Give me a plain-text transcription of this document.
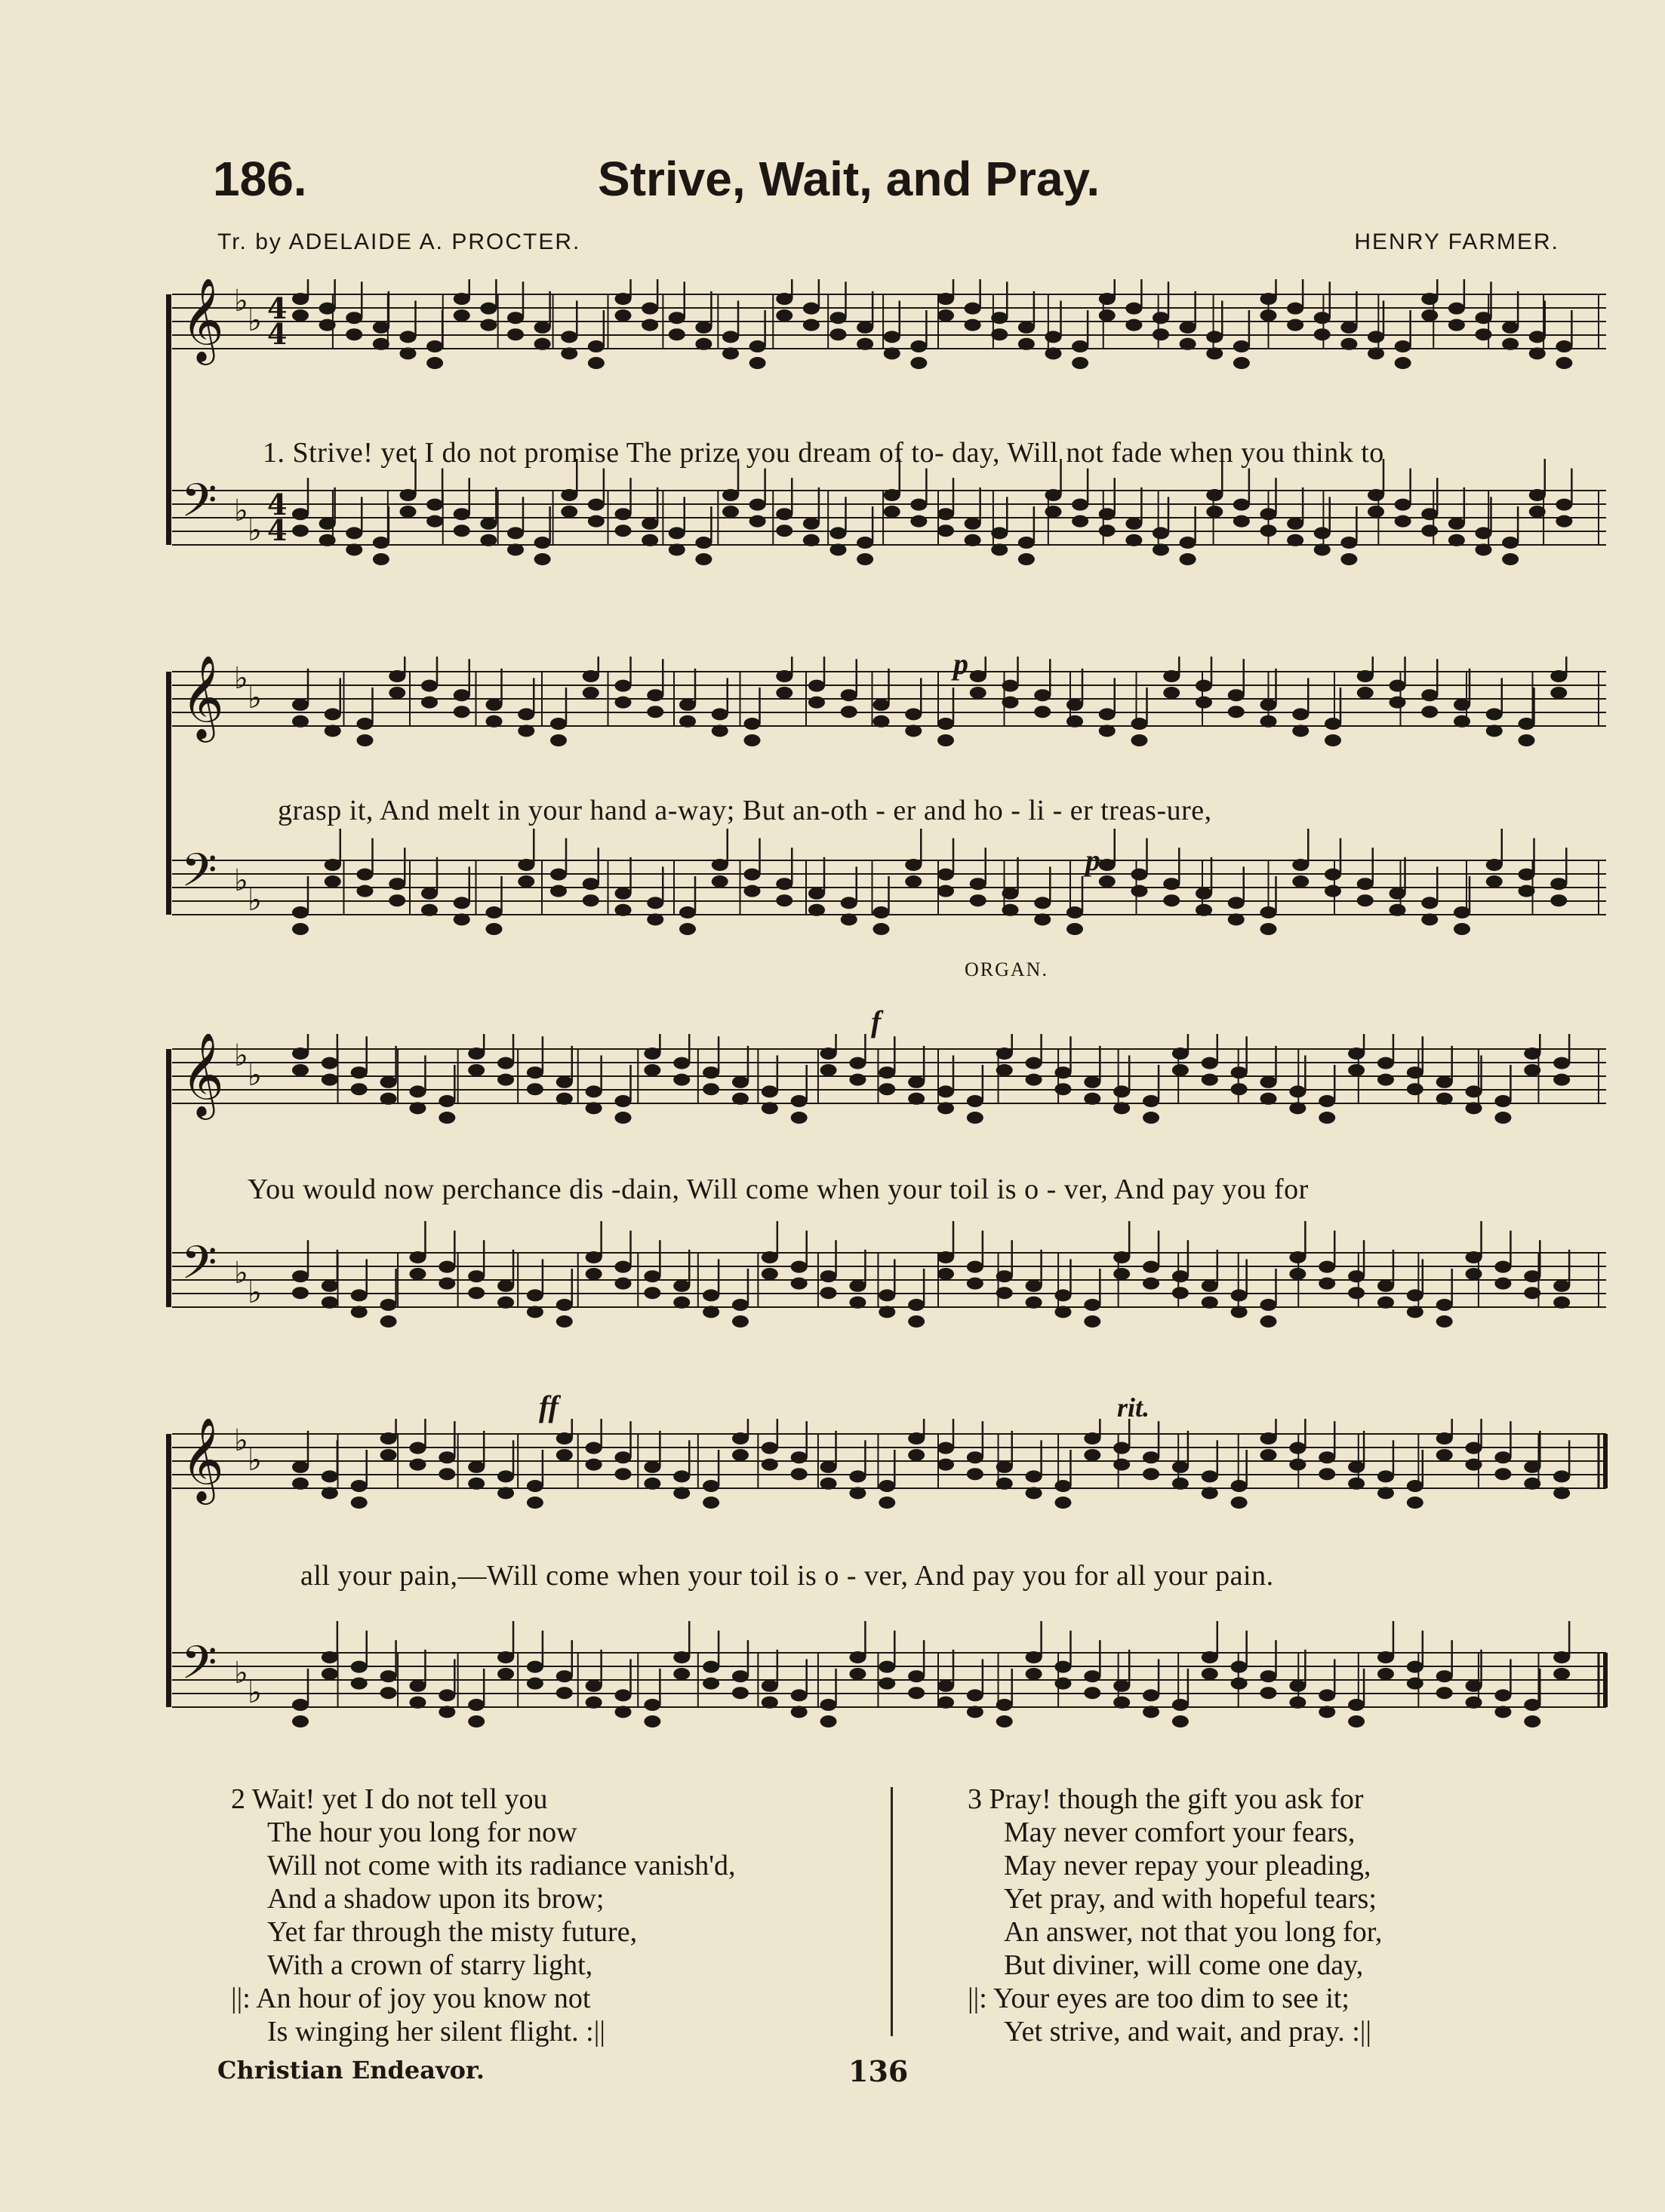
186.	Strive, Wait, and Pray.
Tr. by ADELAIDE A. PROCTER.	HENRY FARMER.
𝄞 ♭
♭
𝄢 ♭
♭
4
4
4
4
1. Strive! yet I do not promise The prize you dream of to- day, Will not fade when you think to
𝄞 ♭
♭
𝄢 ♭
♭
p
p
grasp it, And melt in your hand a-way; But an-oth - er and ho - li - er treas-ure,
ORGAN.
𝄞 ♭
♭
𝄢 ♭
♭
f
You would now perchance dis -dain, Will come when your toil is o - ver, And pay you for
𝄞 ♭
♭
𝄢 ♭
♭
ff	rit.
all your pain,—Will come when your toil is o - ver, And pay you for all your pain.
2 Wait! yet I do not tell you
The hour you long for now
Will not come with its radiance vanish'd,
And a shadow upon its brow;
Yet far through the misty future,
With a crown of starry light,
||: An hour of joy you know not
Is winging her silent flight. :||
3 Pray! though the gift you ask for
May never comfort your fears,
May never repay your pleading,
Yet pray, and with hopeful tears;
An answer, not that you long for,
But diviner, will come one day,
||: Your eyes are too dim to see it;
Yet strive, and wait, and pray. :||
Christian Endeavor.	136
